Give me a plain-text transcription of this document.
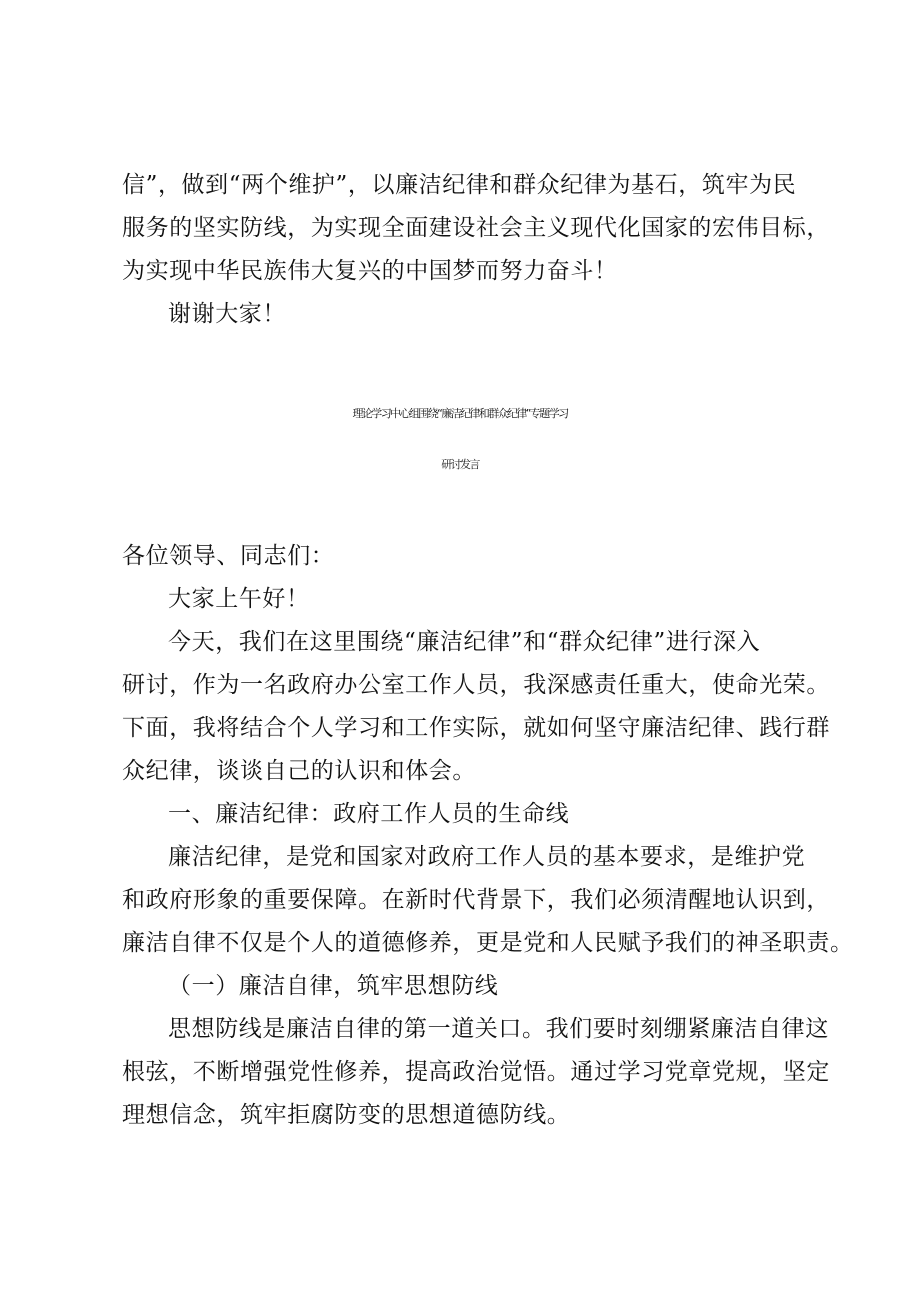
信”，做到“两个维护”，以廉洁纪律和群众纪律为基石，筑牢为民
服务的坚实防线，为实现全面建设社会主义现代化国家的宏伟目标，
为实现中华民族伟大复兴的中国梦而努力奋斗！
谢谢大家！
理论学习中心组围绕“廉洁纪律和群众纪律”专题学习
研讨发言
各位领导、同志们：
大家上午好！
今天，我们在这里围绕“廉洁纪律”和“群众纪律”进行深入
研讨，作为一名政府办公室工作人员，我深感责任重大，使命光荣。
下面，我将结合个人学习和工作实际，就如何坚守廉洁纪律、践行群
众纪律，谈谈自己的认识和体会。
一、廉洁纪律：政府工作人员的生命线
廉洁纪律，是党和国家对政府工作人员的基本要求，是维护党
和政府形象的重要保障。在新时代背景下，我们必须清醒地认识到，
廉洁自律不仅是个人的道德修养，更是党和人民赋予我们的神圣职责。
（一）廉洁自律，筑牢思想防线
思想防线是廉洁自律的第一道关口。我们要时刻绷紧廉洁自律这
根弦，不断增强党性修养，提高政治觉悟。通过学习党章党规，坚定
理想信念，筑牢拒腐防变的思想道德防线。
